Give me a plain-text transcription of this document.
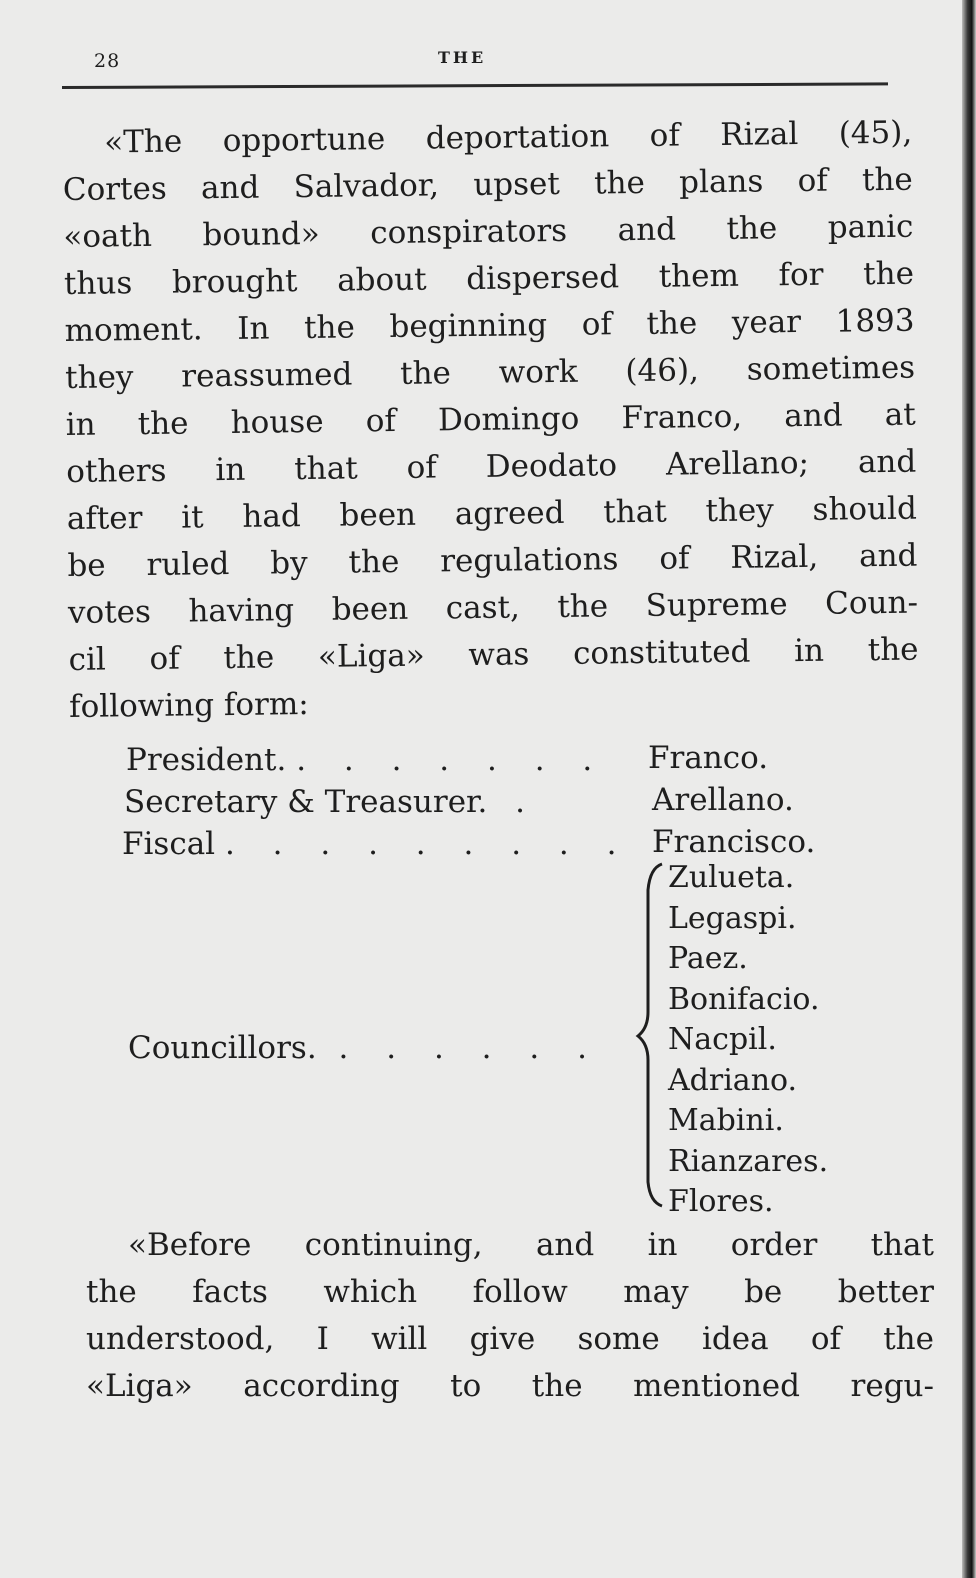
28	THE
«The opportune deportation of Rizal (45),
Cortes and Salvador, upset the plans of the
«oath bound» conspirators and the panic
thus brought about dispersed them for the
moment. In the beginning of the year 1893
they reassumed the work (46), sometimes
in the house of Domingo Franco, and at
others in that of Deodato Arellano; and
after it had been agreed that they should
be ruled by the regulations of Rizal, and
votes having been cast, the Supreme Coun-
cil of the «Liga» was constituted in the
following form:
President. . . . . . . . Franco.
Secretary & Treasurer. .	Arellano.
Fiscal . . . . . . . . . Francisco.
Councillors. . . . . . .
Zulueta.
Legaspi.
Paez.
Bonifacio.
Nacpil.
Adriano.
Mabini.
Rianzares.
Flores.
«Before continuing, and in order that
the facts which follow may be better
understood, I will give some idea of the
«Liga» according to the mentioned regu-
